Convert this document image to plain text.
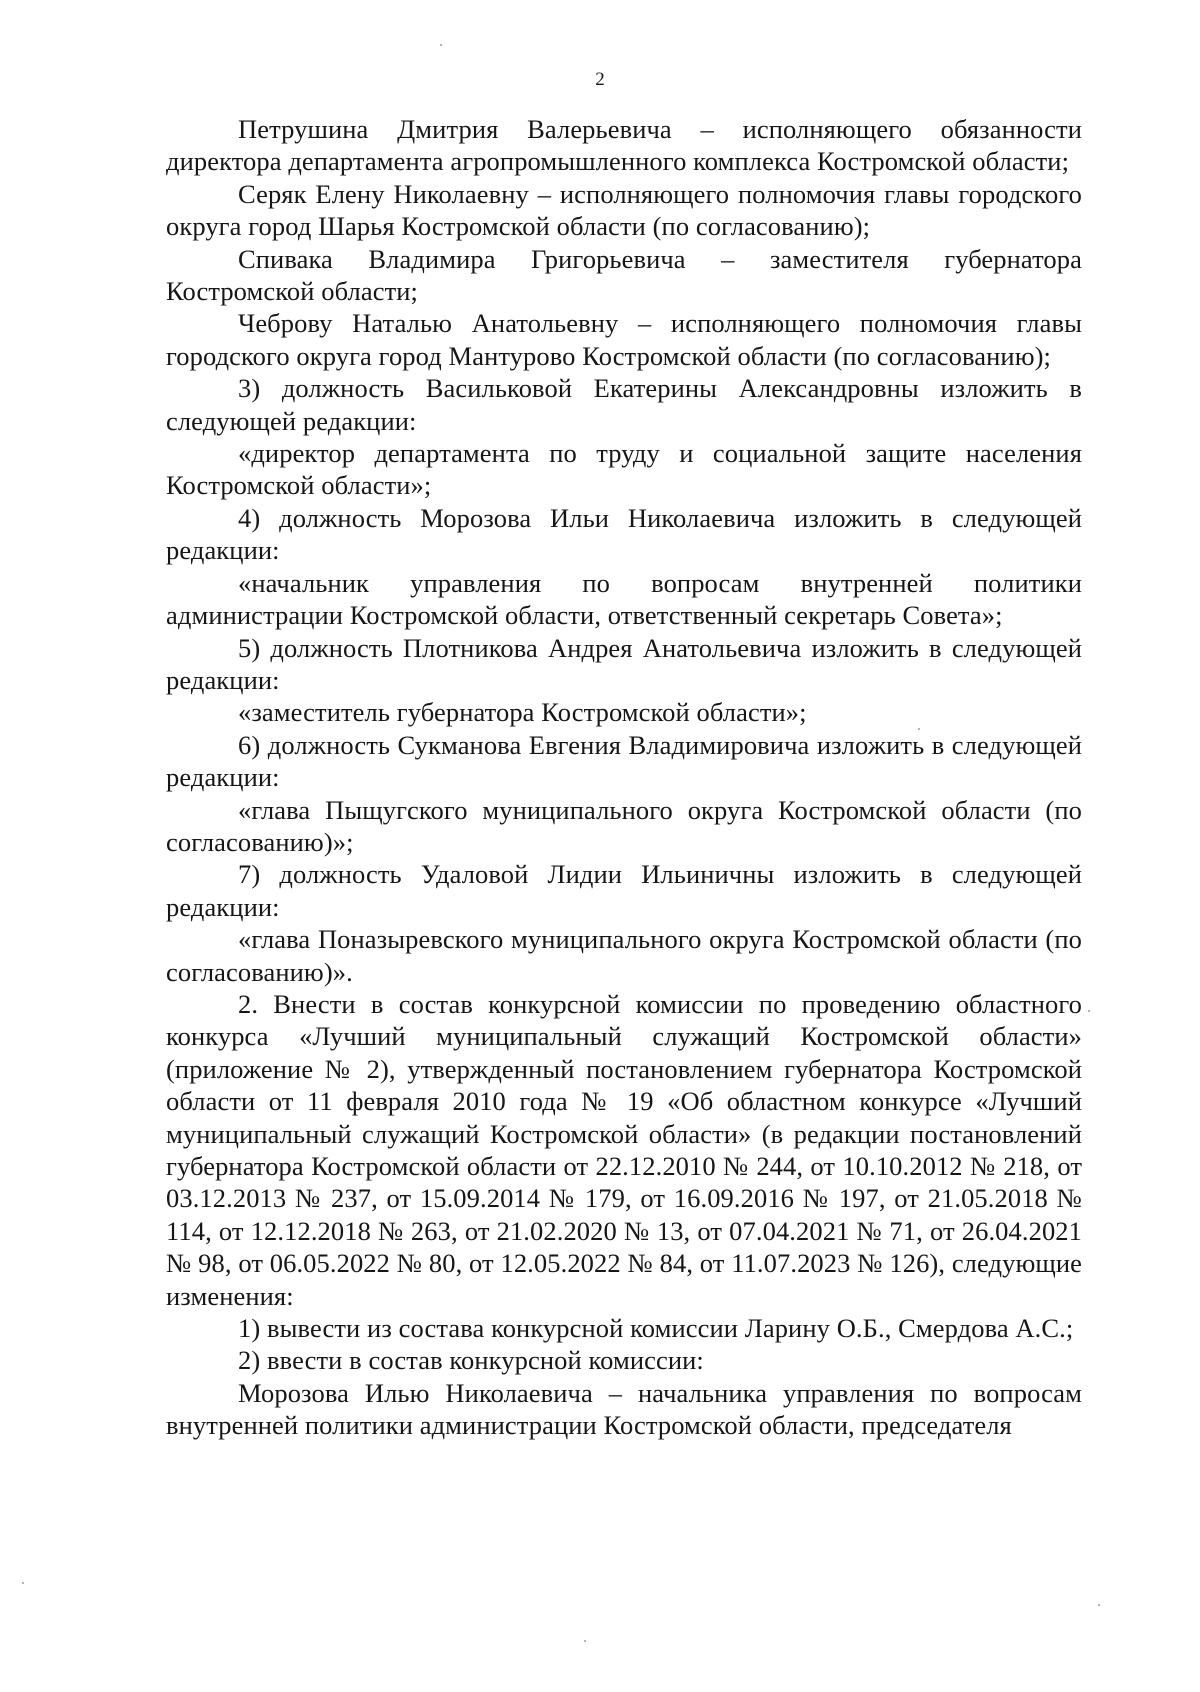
2

Петрушина Дмитрия Валерьевича – исполняющего обязанности директора департамента агропромышленного комплекса Костромской области;

Серяк Елену Николаевну – исполняющего полномочия главы городского округа город Шарья Костромской области (по согласованию);

Спивака Владимира Григорьевича – заместителя губернатора Костромской области;

Чеброву Наталью Анатольевну – исполняющего полномочия главы городского округа город Мантурово Костромской области (по согласованию);

3) должность Васильковой Екатерины Александровны изложить в следующей редакции:

«директор департамента по труду и социальной защите населения Костромской области»;

4) должность Морозова Ильи Николаевича изложить в следующей редакции:

«начальник управления по вопросам внутренней политики администрации Костромской области, ответственный секретарь Совета»;

5) должность Плотникова Андрея Анатольевича изложить в следующей редакции:

«заместитель губернатора Костромской области»;

6) должность Сукманова Евгения Владимировича изложить в следующей редакции:

«глава Пыщугского муниципального округа Костромской области (по согласованию)»;

7) должность Удаловой Лидии Ильиничны изложить в следующей редакции:

«глава Поназыревского муниципального округа Костромской области (по согласованию)».

2. Внести в состав конкурсной комиссии по проведению областного конкурса «Лучший муниципальный служащий Костромской области» (приложение № 2), утвержденный постановлением губернатора Костромской области от 11 февраля 2010 года № 19 «Об областном конкурсе «Лучший муниципальный служащий Костромской области» (в редакции постановлений губернатора Костромской области от 22.12.2010 № 244, от 10.10.2012 № 218, от 03.12.2013 № 237, от 15.09.2014 № 179, от 16.09.2016 № 197, от 21.05.2018 № 114, от 12.12.2018 № 263, от 21.02.2020 № 13, от 07.04.2021 № 71, от 26.04.2021 № 98, от 06.05.2022 № 80, от 12.05.2022 № 84, от 11.07.2023 № 126), следующие изменения:

1) вывести из состава конкурсной комиссии Ларину О.Б., Смердова А.С.;

2) ввести в состав конкурсной комиссии:

Морозова Илью Николаевича – начальника управления по вопросам внутренней политики администрации Костромской области, председателя
